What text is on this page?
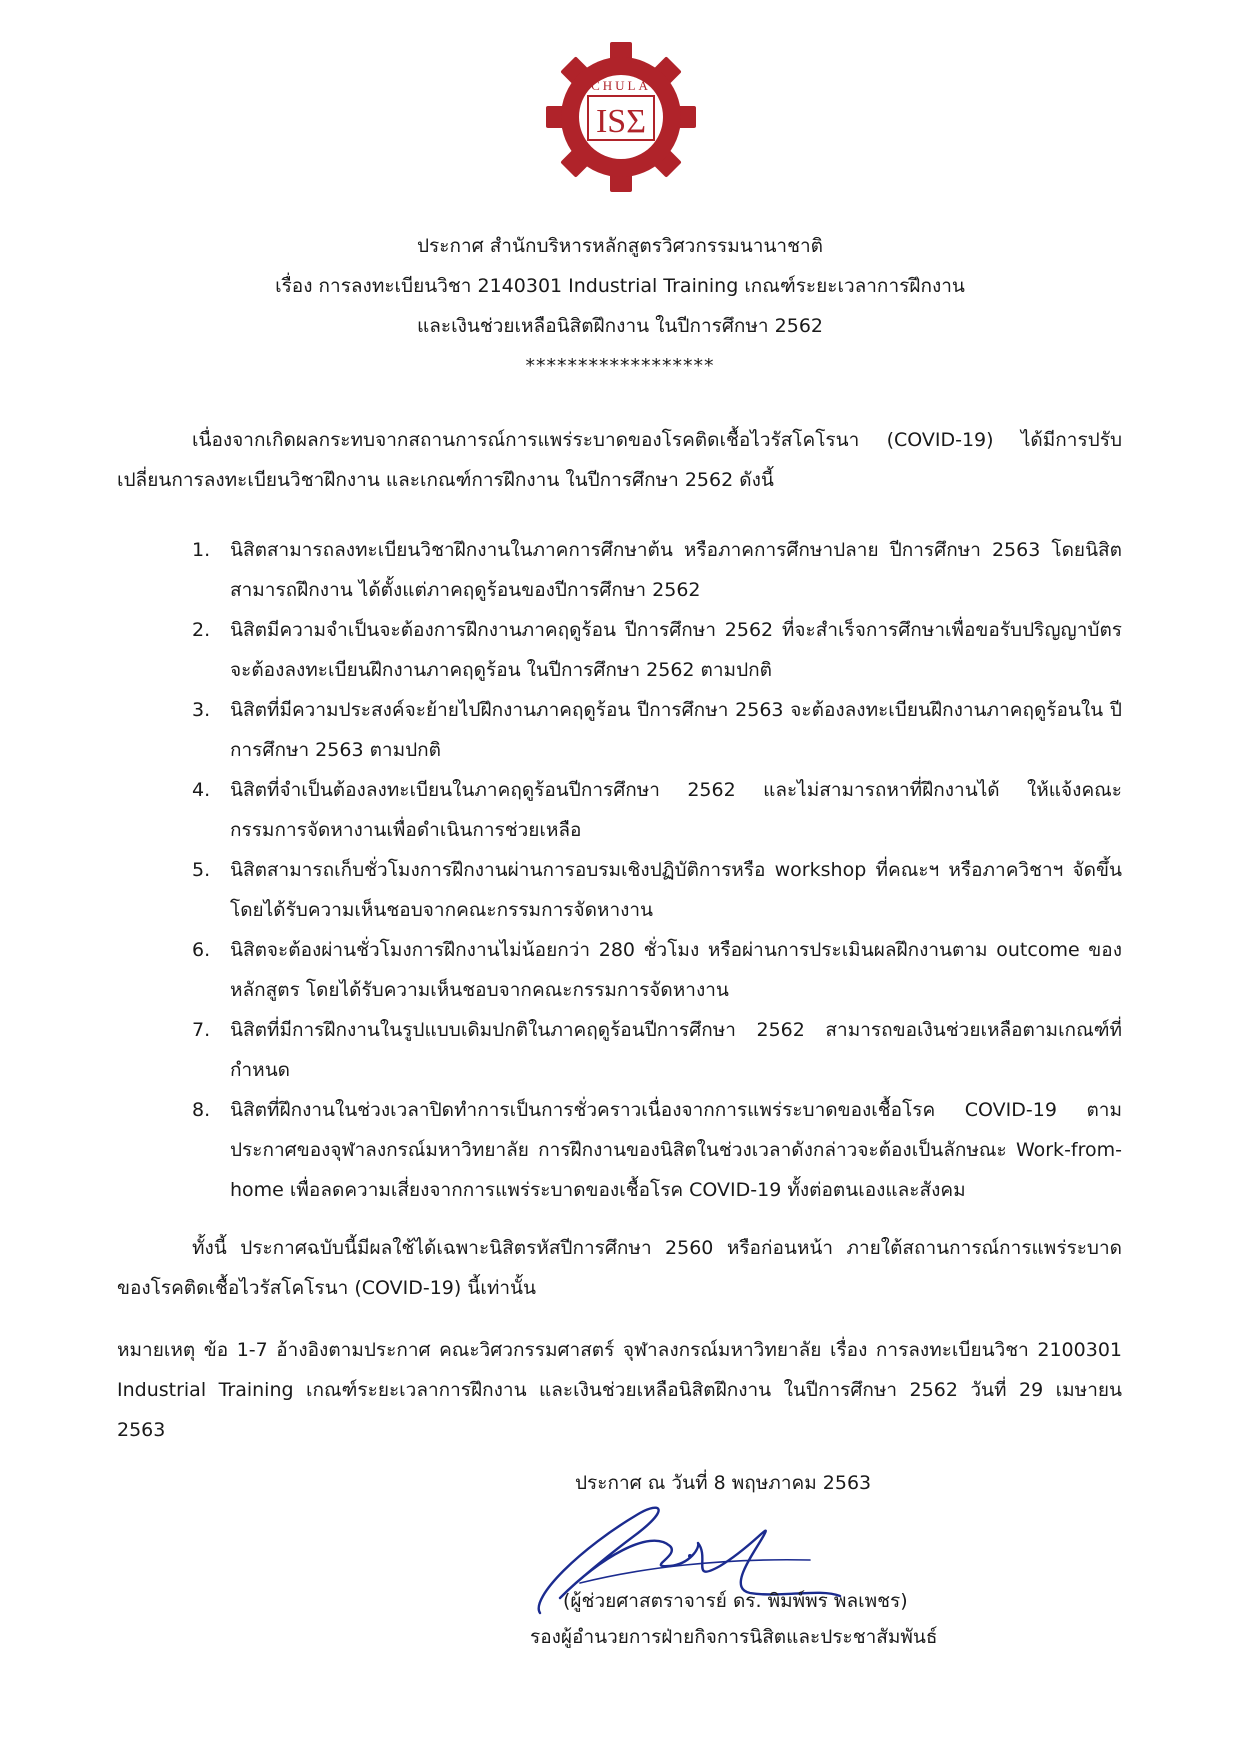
CHULA
ISΣ
ประกาศ สำนักบริหารหลักสูตรวิศวกรรมนานาชาติ
เรื่อง การลงทะเบียนวิชา 2140301 Industrial Training เกณฑ์ระยะเวลาการฝึกงาน
และเงินช่วยเหลือนิสิตฝึกงาน ในปีการศึกษา 2562
******************
เนื่องจากเกิดผลกระทบจากสถานการณ์การแพร่ระบาดของโรคติดเชื้อไวรัสโคโรนา (COVID-19) ได้มีการปรับเปลี่ยนการลงทะเบียนวิชาฝึกงาน และเกณฑ์การฝึกงาน ในปีการศึกษา 2562 ดังนี้
1.	นิสิตสามารถลงทะเบียนวิชาฝึกงานในภาคการศึกษาต้น หรือภาคการศึกษาปลาย ปีการศึกษา 2563 โดยนิสิตสามารถฝึกงาน ได้ตั้งแต่ภาคฤดูร้อนของปีการศึกษา 2562
2.	นิสิตมีความจำเป็นจะต้องการฝึกงานภาคฤดูร้อน ปีการศึกษา 2562 ที่จะสำเร็จการศึกษาเพื่อขอรับปริญญาบัตร จะต้องลงทะเบียนฝึกงานภาคฤดูร้อน ในปีการศึกษา 2562 ตามปกติ
3.	นิสิตที่มีความประสงค์จะย้ายไปฝึกงานภาคฤดูร้อน ปีการศึกษา 2563 จะต้องลงทะเบียนฝึกงานภาคฤดูร้อนใน ปีการศึกษา 2563 ตามปกติ
4.	นิสิตที่จำเป็นต้องลงทะเบียนในภาคฤดูร้อนปีการศึกษา 2562 และไม่สามารถหาที่ฝึกงานได้ ให้แจ้งคณะกรรมการจัดหางานเพื่อดำเนินการช่วยเหลือ
5.	นิสิตสามารถเก็บชั่วโมงการฝึกงานผ่านการอบรมเชิงปฏิบัติการหรือ workshop ที่คณะฯ หรือภาควิชาฯ จัดขึ้น โดยได้รับความเห็นชอบจากคณะกรรมการจัดหางาน
6.	นิสิตจะต้องผ่านชั่วโมงการฝึกงานไม่น้อยกว่า 280 ชั่วโมง หรือผ่านการประเมินผลฝึกงานตาม outcome ของหลักสูตร โดยได้รับความเห็นชอบจากคณะกรรมการจัดหางาน
7.	นิสิตที่มีการฝึกงานในรูปแบบเดิมปกติในภาคฤดูร้อนปีการศึกษา 2562 สามารถขอเงินช่วยเหลือตามเกณฑ์ที่กำหนด
8.	นิสิตที่ฝึกงานในช่วงเวลาปิดทำการเป็นการชั่วคราวเนื่องจากการแพร่ระบาดของเชื้อโรค COVID-19 ตามประกาศของจุฬาลงกรณ์มหาวิทยาลัย การฝึกงานของนิสิตในช่วงเวลาดังกล่าวจะต้องเป็นลักษณะ Work-from-home เพื่อลดความเสี่ยงจากการแพร่ระบาดของเชื้อโรค COVID-19 ทั้งต่อตนเองและสังคม
ทั้งนี้ ประกาศฉบับนี้มีผลใช้ได้เฉพาะนิสิตรหัสปีการศึกษา 2560 หรือก่อนหน้า ภายใต้สถานการณ์การแพร่ระบาดของโรคติดเชื้อไวรัสโคโรนา (COVID-19) นี้เท่านั้น
หมายเหตุ ข้อ 1-7 อ้างอิงตามประกาศ คณะวิศวกรรมศาสตร์ จุฬาลงกรณ์มหาวิทยาลัย เรื่อง การลงทะเบียนวิชา 2100301 Industrial Training เกณฑ์ระยะเวลาการฝึกงาน และเงินช่วยเหลือนิสิตฝึกงาน ในปีการศึกษา 2562 วันที่ 29 เมษายน 2563
ประกาศ ณ วันที่ 8 พฤษภาคม 2563
(ผู้ช่วยศาสตราจารย์ ดร. พิมพ์พร พลเพชร)
รองผู้อำนวยการฝ่ายกิจการนิสิตและประชาสัมพันธ์
